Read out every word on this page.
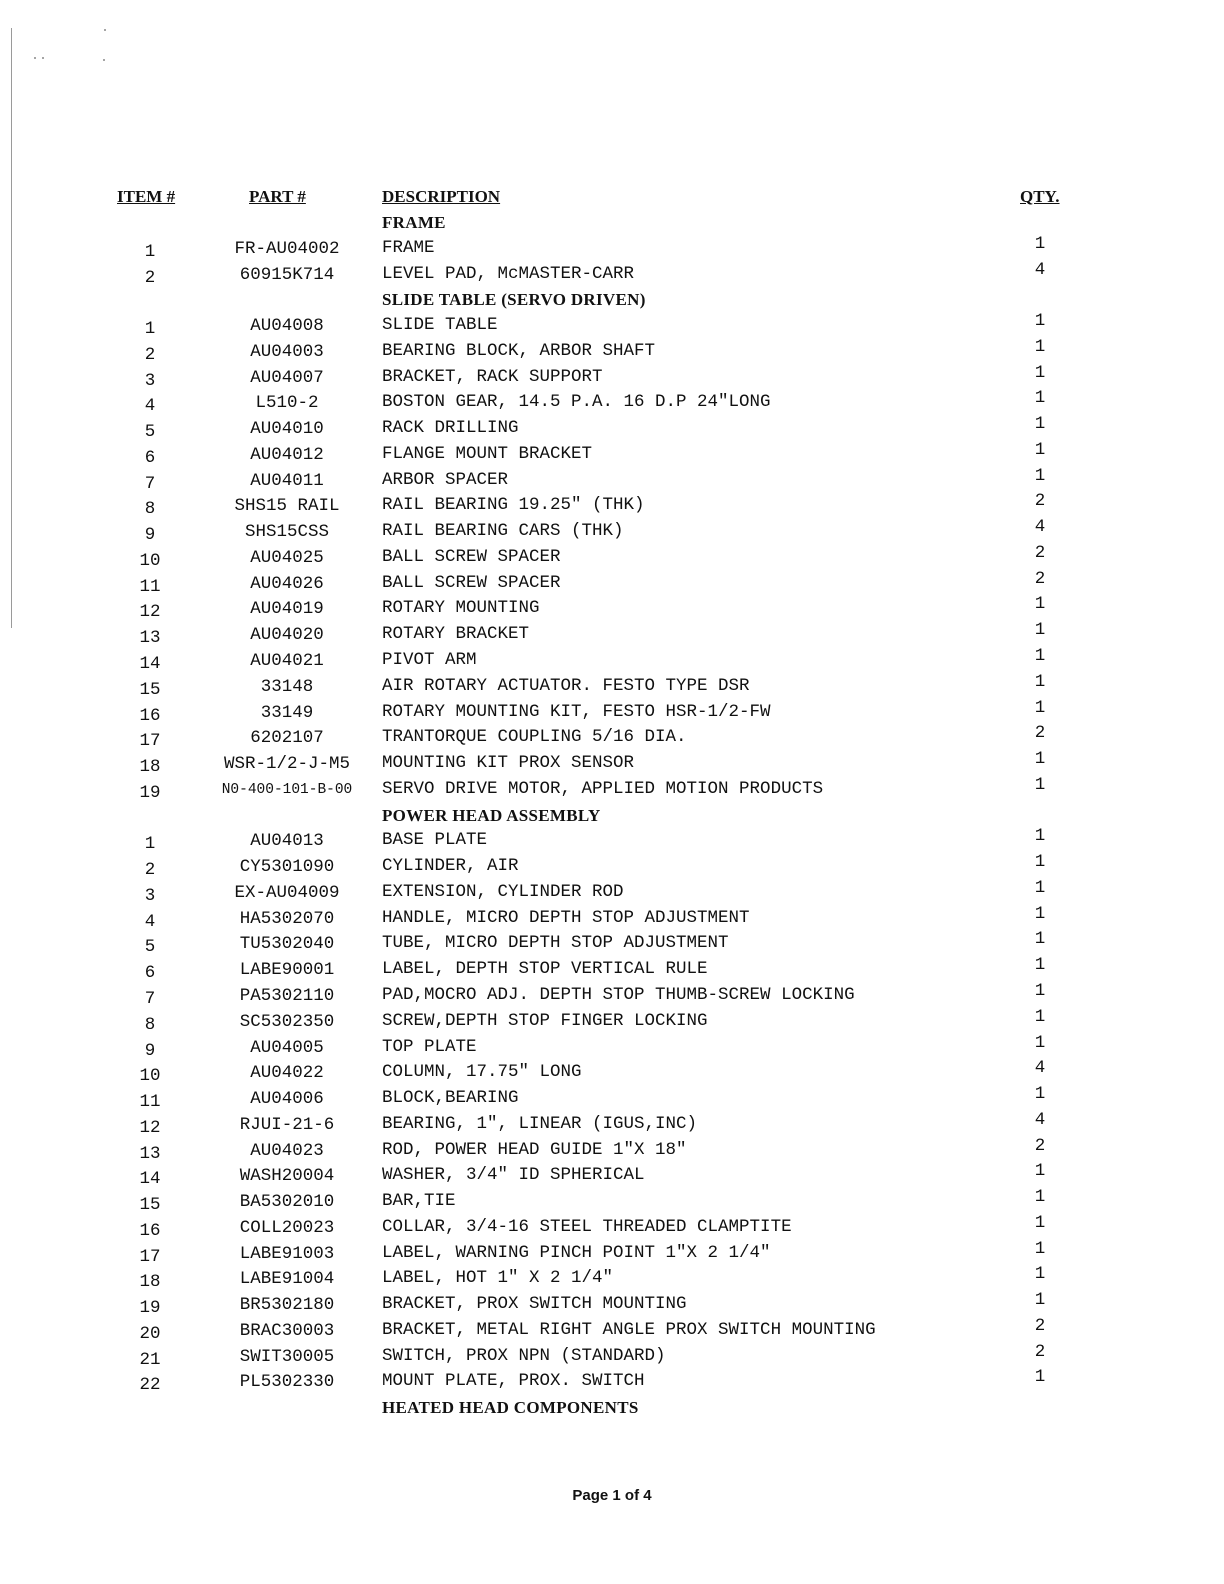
ITEM #	PART #	DESCRIPTION	QTY.
FRAME
1	FR-AU04002	FRAME	1
2	60915K714	LEVEL PAD, McMASTER-CARR	4
SLIDE TABLE (SERVO DRIVEN)
1	AU04008	SLIDE TABLE	1
2	AU04003	BEARING BLOCK, ARBOR SHAFT	1
3	AU04007	BRACKET, RACK SUPPORT	1
4	L510-2	BOSTON GEAR, 14.5 P.A. 16 D.P 24"LONG	1
5	AU04010	RACK DRILLING	1
6	AU04012	FLANGE MOUNT BRACKET	1
7	AU04011	ARBOR SPACER	1
8	SHS15 RAIL	RAIL BEARING 19.25" (THK)	2
9	SHS15CSS	RAIL BEARING CARS (THK)	4
10	AU04025	BALL SCREW SPACER	2
11	AU04026	BALL SCREW SPACER	2
12	AU04019	ROTARY MOUNTING	1
13	AU04020	ROTARY BRACKET	1
14	AU04021	PIVOT ARM	1
15	33148	AIR ROTARY ACTUATOR. FESTO TYPE DSR	1
16	33149	ROTARY MOUNTING KIT, FESTO HSR-1/2-FW	1
17	6202107	TRANTORQUE COUPLING 5/16 DIA.	2
18	WSR-1/2-J-M5	MOUNTING KIT PROX SENSOR	1
19	N0-400-101-B-00	SERVO DRIVE MOTOR, APPLIED MOTION PRODUCTS	1
POWER HEAD ASSEMBLY
1	AU04013	BASE PLATE	1
2	CY5301090	CYLINDER, AIR	1
3	EX-AU04009	EXTENSION, CYLINDER ROD	1
4	HA5302070	HANDLE, MICRO DEPTH STOP ADJUSTMENT	1
5	TU5302040	TUBE, MICRO DEPTH STOP ADJUSTMENT	1
6	LABE90001	LABEL, DEPTH STOP VERTICAL RULE	1
7	PA5302110	PAD,MOCRO ADJ. DEPTH STOP THUMB-SCREW LOCKING	1
8	SC5302350	SCREW,DEPTH STOP FINGER LOCKING	1
9	AU04005	TOP PLATE	1
10	AU04022	COLUMN, 17.75" LONG	4
11	AU04006	BLOCK,BEARING	1
12	RJUI-21-6	BEARING, 1", LINEAR (IGUS,INC)	4
13	AU04023	ROD, POWER HEAD GUIDE 1"X 18"	2
14	WASH20004	WASHER, 3/4" ID SPHERICAL	1
15	BA5302010	BAR,TIE	1
16	COLL20023	COLLAR, 3/4-16 STEEL THREADED CLAMPTITE	1
17	LABE91003	LABEL, WARNING PINCH POINT 1"X 2 1/4"	1
18	LABE91004	LABEL, HOT 1" X 2 1/4"	1
19	BR5302180	BRACKET, PROX SWITCH MOUNTING	1
20	BRAC30003	BRACKET, METAL RIGHT ANGLE PROX SWITCH MOUNTING	2
21	SWIT30005	SWITCH, PROX NPN (STANDARD)	2
22	PL5302330	MOUNT PLATE, PROX. SWITCH	1
HEATED HEAD COMPONENTS
Page 1 of 4
